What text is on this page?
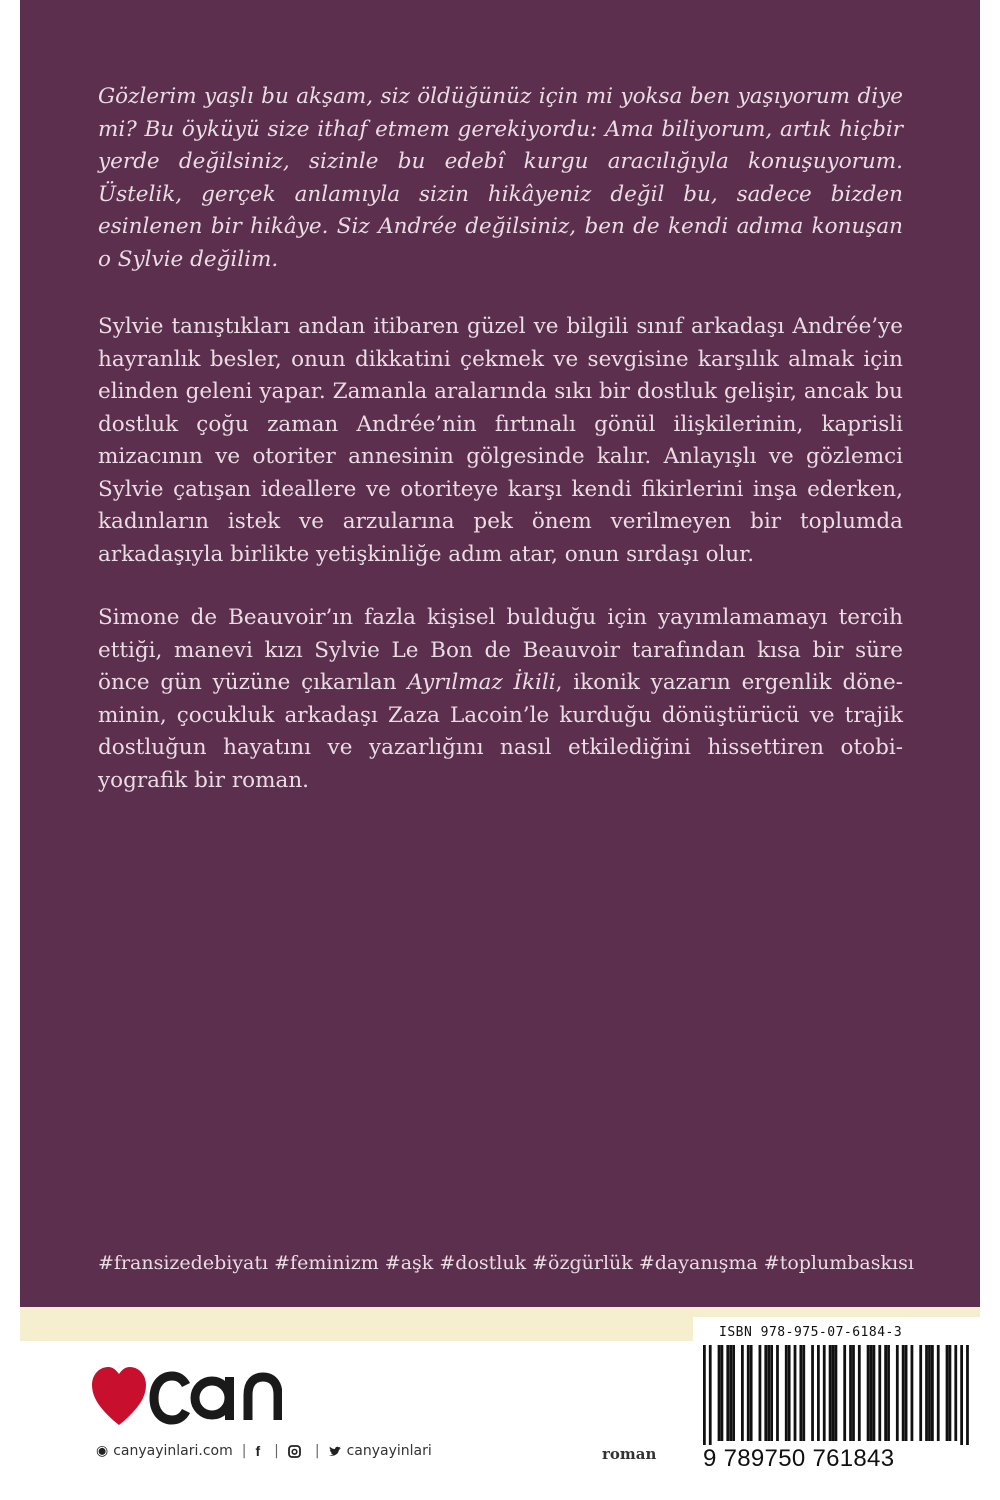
Gözlerim yaşlı bu akşam, siz öldüğünüz için mi yoksa ben yaşıyorum diye mi? Bu öyküyü size ithaf etmem gerekiyordu: Ama biliyorum, artık hiçbir yerde değilsiniz, sizinle bu edebî kurgu aracılığıyla konuşuyorum. Üstelik, gerçek anlamıyla sizin hikâyeniz değil bu, sadece bizden esinlenen bir hikâye. Siz Andrée değilsiniz, ben de kendi adıma konuşan o Sylvie değilim.

Sylvie tanıştıkları andan itibaren güzel ve bilgili sınıf arkadaşı Andrée’ye hayranlık besler, onun dikkatini çekmek ve sevgisine karşılık almak için elinden geleni yapar. Zamanla aralarında sıkı bir dostluk gelişir, ancak bu dostluk çoğu zaman Andrée’nin fırtınalı gönül ilişkilerinin, kaprisli mizacının ve otoriter annesinin gölgesinde kalır. Anlayışlı ve gözlemci Sylvie çatışan ideallere ve otoriteye karşı kendi fikirlerini inşa ederken, kadınların istek ve arzularına pek önem verilmeyen bir toplumda arkadaşıyla birlikte yetişkinliğe adım atar, onun sırdaşı olur.

Simone de Beauvoir’ın fazla kişisel bulduğu için yayımlamamayı tercih ettiği, manevi kızı Sylvie Le Bon de Beauvoir tarafından kısa bir süre önce gün yüzüne çıkarılan Ayrılmaz İkili, ikonik yazarın ergenlik döneminin, çocukluk arkadaşı Zaza Lacoin’le kurduğu dönüştürücü ve trajik dostluğun hayatını ve yazarlığını nasıl etkilediğini hissettiren otobiyografik bir roman.

#fransizedebiyatı #feminizm #aşk #dostluk #özgürlük #dayanışma #toplumbaskısı
◉ canyayinlari.com | f |	| canyayinlari	roman
ISBN 978-975-07-6184-3
9 789750 761843
